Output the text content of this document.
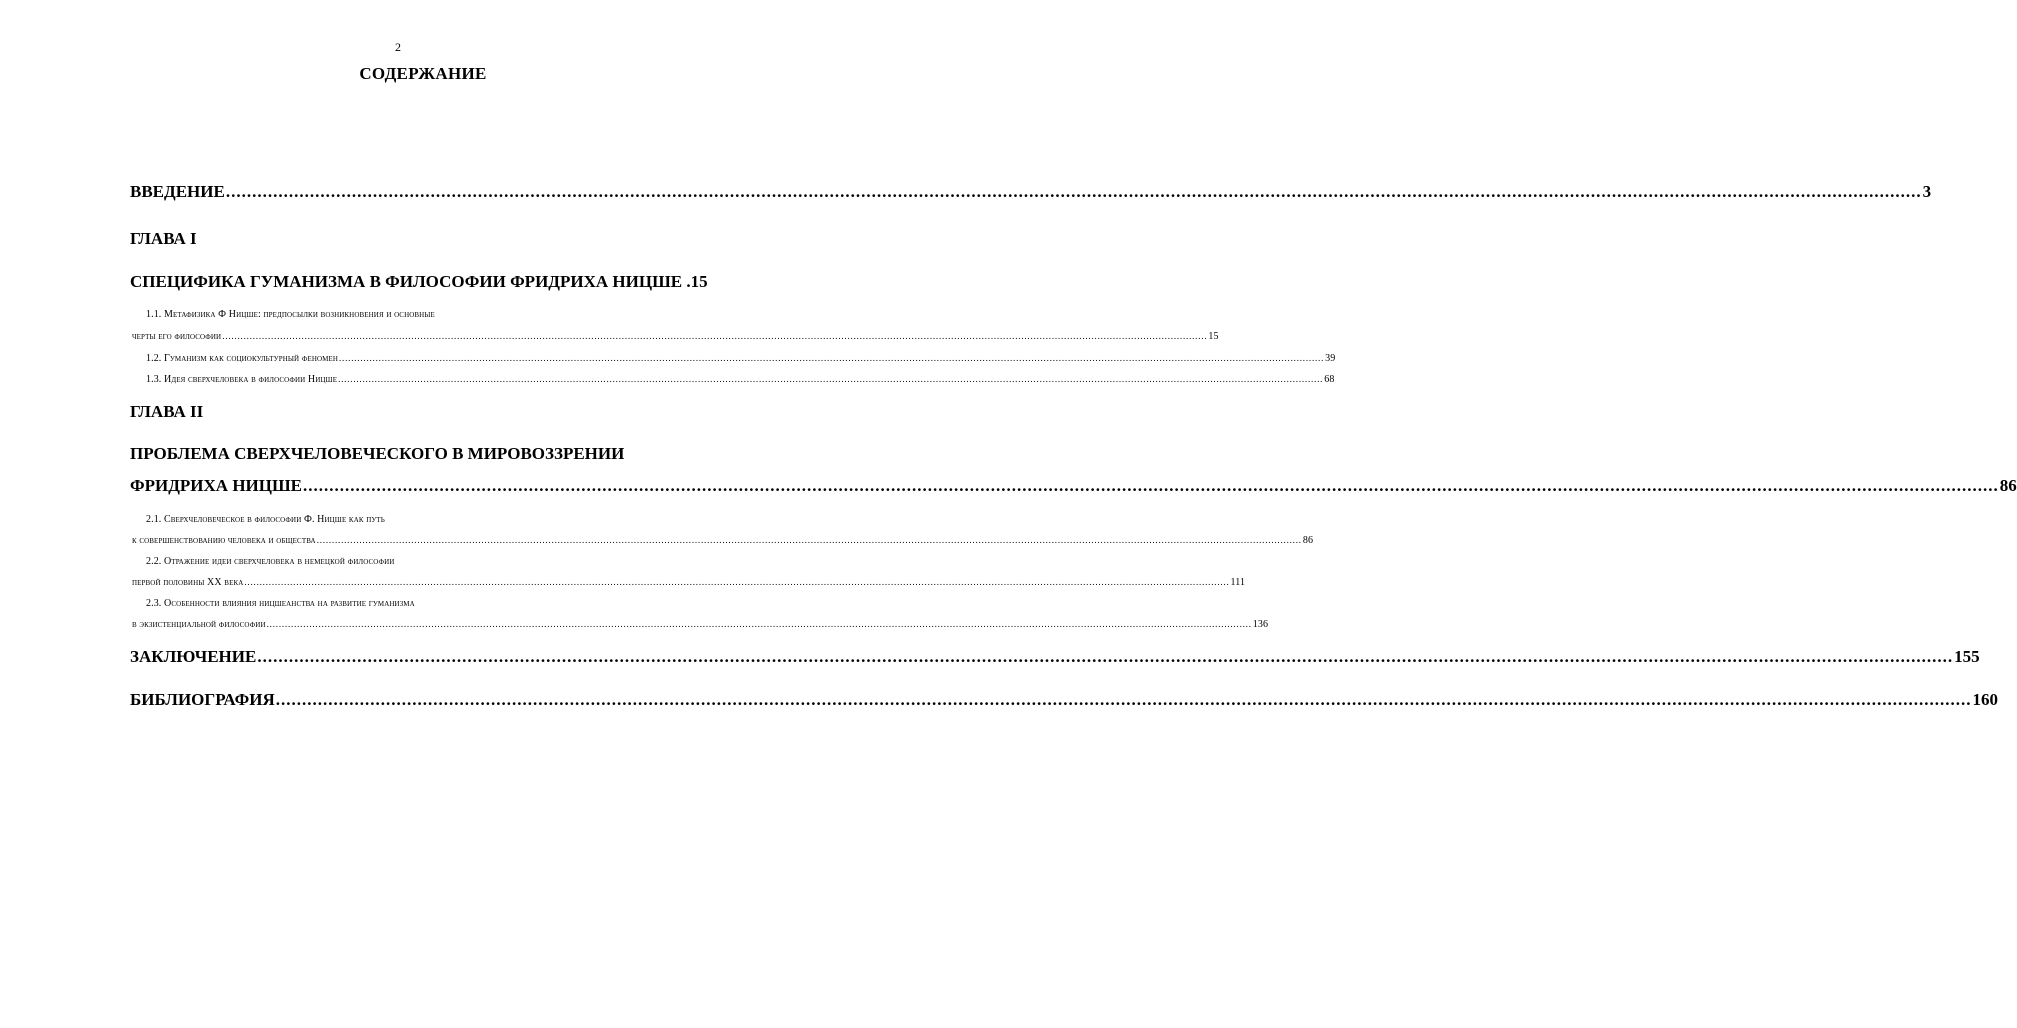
2
СОДЕРЖАНИЕ
ВВЕДЕНИЕ ................................................................................................................................................................................................................................................................................................................................... 3
ГЛАВА I
СПЕЦИФИКА ГУМАНИЗМА В ФИЛОСОФИИ ФРИДРИХА НИЦШЕ .15
1.1. Метафизика Ф Ницше: предпосылки возникновения и основные
черты его философии ................................................................................................................................................................................................................................................................................................................................... 15
1.2. Гуманизм как социокультурный феномен ................................................................................................................................................................................................................................................................................................................................... 39
1.3. Идея сверхчеловека в философии Ницше ................................................................................................................................................................................................................................................................................................................................... 68
ГЛАВА II
ПРОБЛЕМА СВЕРХЧЕЛОВЕЧЕСКОГО В МИРОВОЗЗРЕНИИ
ФРИДРИХА НИЦШЕ ................................................................................................................................................................................................................................................................................................................................... 86
2.1. Сверхчеловеческое в философии Ф. Ницше как путь
к совершенствованию человека и общества ................................................................................................................................................................................................................................................................................................................................... 86
2.2. Отражение идеи сверхчеловека в немецкой философии
первой половины XX века ................................................................................................................................................................................................................................................................................................................................... 111
2.3. Особенности влияния ницшеанства на развитие гуманизма
в экзистенциальной философии ................................................................................................................................................................................................................................................................................................................................... 136
ЗАКЛЮЧЕНИЕ ................................................................................................................................................................................................................................................................................................................................... 155
БИБЛИОГРАФИЯ ................................................................................................................................................................................................................................................................................................................................... 160
